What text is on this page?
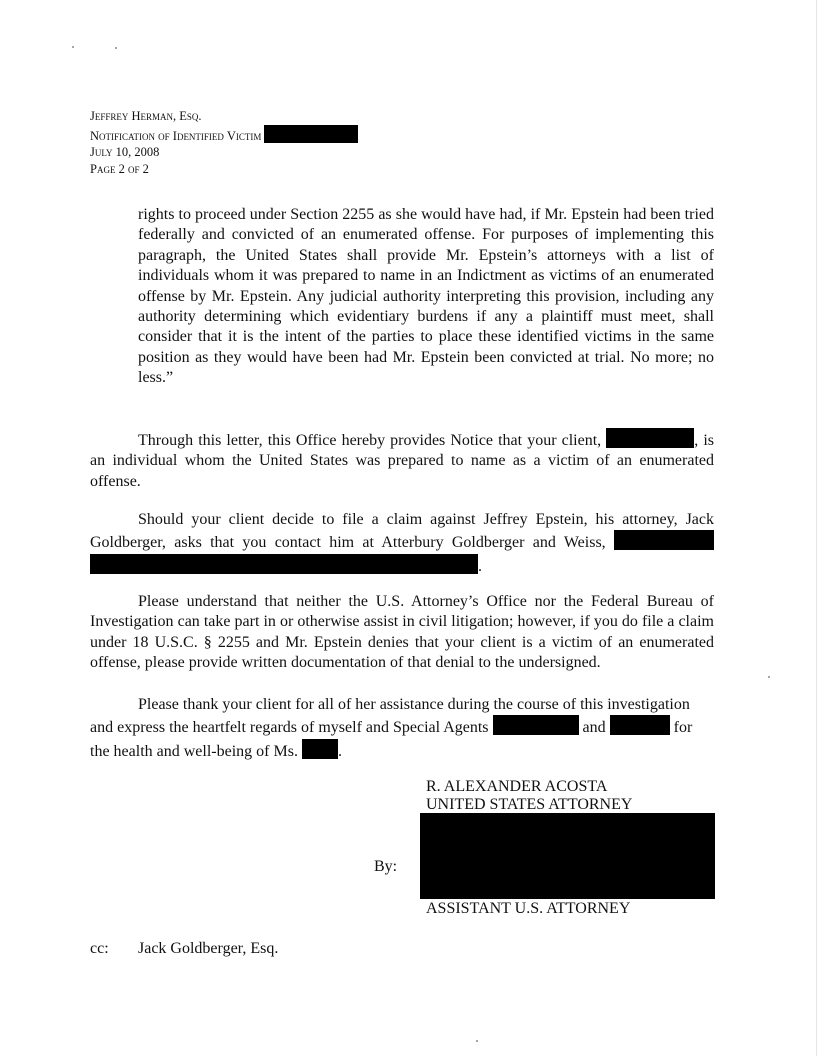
Jeffrey Herman, Esq.
Notification of Identified Victim
July 10, 2008
Page 2 of 2
rights to proceed under Section 2255 as she would have had, if Mr. Epstein had been tried federally and convicted of an enumerated offense. For purposes of implementing this paragraph, the United States shall provide Mr. Epstein’s attorneys with a list of individuals whom it was prepared to name in an Indictment as victims of an enumerated offense by Mr. Epstein. Any judicial authority interpreting this provision, including any authority determining which evidentiary burdens if any a plaintiff must meet, shall consider that it is the intent of the parties to place these identified victims in the same position as they would have been had Mr. Epstein been convicted at trial. No more; no less.”
Through this letter, this Office hereby provides Notice that your client,	, is an individual whom the United States was prepared to name as a victim of an enumerated offense.
Should your client decide to file a claim against Jeffrey Epstein, his attorney, Jack Goldberger, asks that you contact him at Atterbury Goldberger and Weiss,  .
Please understand that neither the U.S. Attorney’s Office nor the Federal Bureau of Investigation can take part in or otherwise assist in civil litigation; however, if you do file a claim under 18 U.S.C. § 2255 and Mr. Epstein denies that your client is a victim of an enumerated offense, please provide written documentation of that denial to the undersigned.
Please thank your client for all of her assistance during the course of this investigation and express the heartfelt regards of myself and Special Agents	and	for the health and well-being of Ms.	.
R. ALEXANDER ACOSTA
UNITED STATES ATTORNEY
By:
ASSISTANT U.S. ATTORNEY
cc: Jack Goldberger, Esq.
